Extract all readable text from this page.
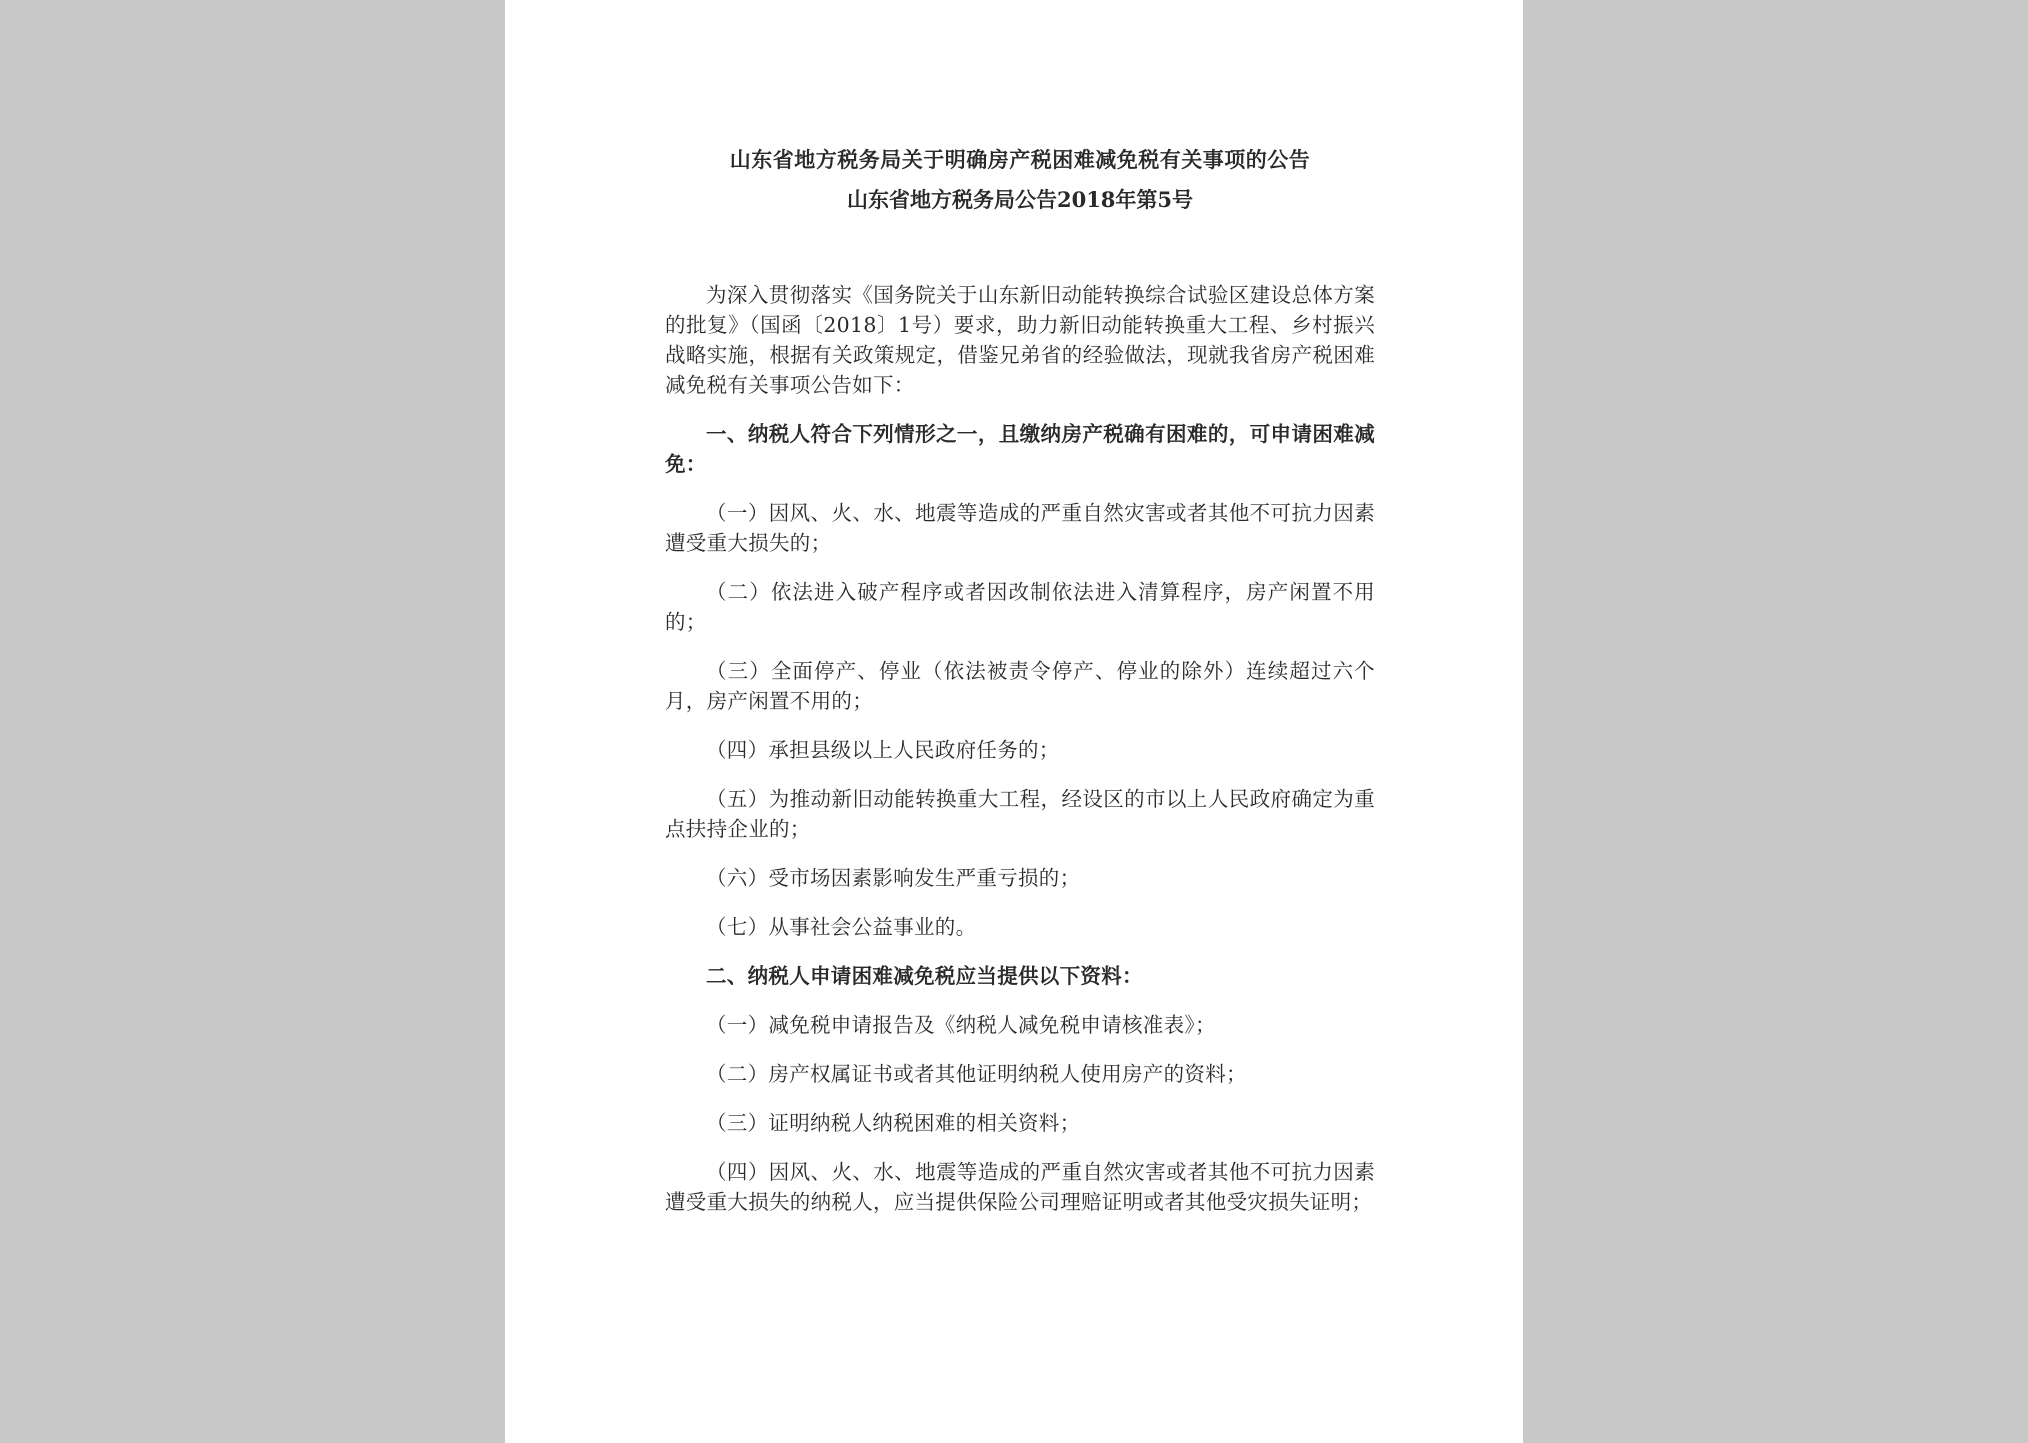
山东省地方税务局关于明确房产税困难减免税有关事项的公告

山东省地方税务局公告2018年第5号

为深入贯彻落实《国务院关于山东新旧动能转换综合试验区建设总体方案的批复》（国函〔2018〕1号）要求，助力新旧动能转换重大工程、乡村振兴战略实施，根据有关政策规定，借鉴兄弟省的经验做法，现就我省房产税困难减免税有关事项公告如下：

一、纳税人符合下列情形之一，且缴纳房产税确有困难的，可申请困难减免：

（一）因风、火、水、地震等造成的严重自然灾害或者其他不可抗力因素遭受重大损失的；

（二）依法进入破产程序或者因改制依法进入清算程序，房产闲置不用的；

（三）全面停产、停业（依法被责令停产、停业的除外）连续超过六个月，房产闲置不用的；

（四）承担县级以上人民政府任务的；

（五）为推动新旧动能转换重大工程，经设区的市以上人民政府确定为重点扶持企业的；

（六）受市场因素影响发生严重亏损的；

（七）从事社会公益事业的。

二、纳税人申请困难减免税应当提供以下资料：

（一）减免税申请报告及《纳税人减免税申请核准表》；

（二）房产权属证书或者其他证明纳税人使用房产的资料；

（三）证明纳税人纳税困难的相关资料；

（四）因风、火、水、地震等造成的严重自然灾害或者其他不可抗力因素遭受重大损失的纳税人，应当提供保险公司理赔证明或者其他受灾损失证明；
